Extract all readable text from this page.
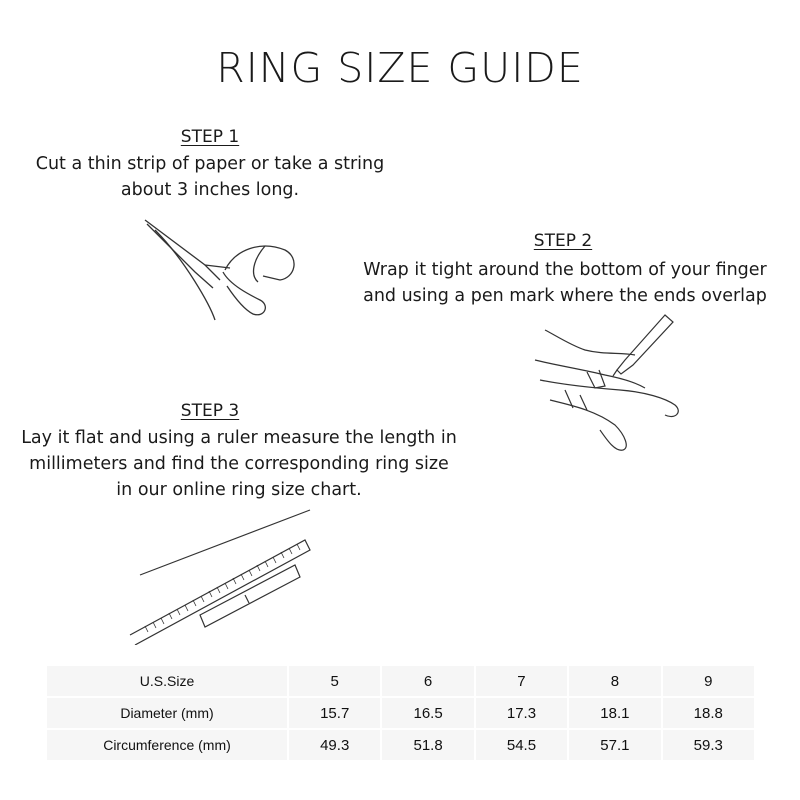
RING SIZE GUIDE
STEP 1
Cut a thin strip of paper or take a string
about 3 inches long.
STEP 2
Wrap it tight around the bottom of your finger
and using a pen mark where the ends overlap
STEP 3
Lay it flat and using a ruler measure the length in
millimeters and find the corresponding ring size
in our online ring size chart.
U.S.Size	5	6	7	8	9
Diameter (mm)	15.7	16.5	17.3	18.1	18.8
Circumference (mm)	49.3	51.8	54.5	57.1	59.3
